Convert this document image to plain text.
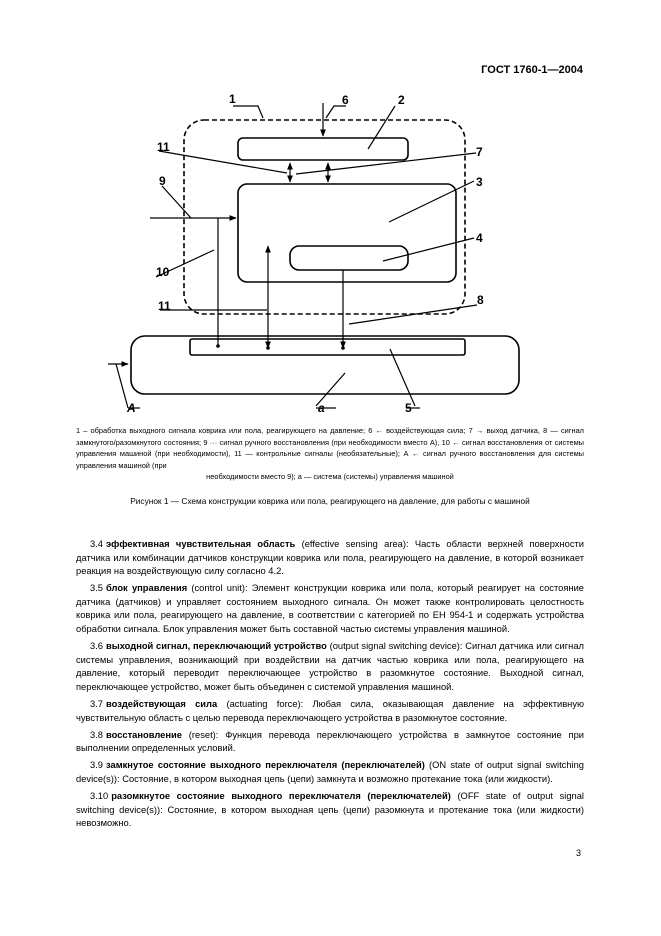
ГОСТ 1760-1—2004
1	2
3
4
5
6
7
8
9
10
11
11
А	а

1 – обработка выходного сигнала коврика или пола, реагирующего на давление; 6 ← воздействующая сила; 7 → выход датчика, 8 — сигнал замкнутого/разомкнутого состояния; 9 ··· сигнал ручного восстановления (при необходимости вместо А), 10 ← сигнал восстановления от системы управления машиной (при необходимости), 11 — контрольные сигналы (необязательные); А ← сигнал ручного восстановления для системы управления машиной (при

необходимости вместо 9); а — система (системы) управления машиной

Рисунок 1 — Схема конструкции коврика или пола, реагирующего на давление, для работы с машиной

3.4 эффективная чувствительная область (effective sensing area): Часть области верхней поверхности датчика или комбинации датчиков конструкции коврика или пола, реагирующего на давление, в которой возникает реакция на воздействующую силу согласно 4.2.

3.5 блок управления (control unit): Элемент конструкции коврика или пола, который реагирует на состояние датчика (датчиков) и управляет состоянием выходного сигнала. Он может также контролировать целостность коврика или пола, реагирующего на давление, в соответствии с категорией по ЕН 954-1 и содержать устройства обработки сигнала. Блок управления может быть составной частью системы управления машиной.

3.6 выходной сигнал, переключающий устройство (output signal switching device): Сигнал датчика или сигнал системы управления, возникающий при воздействии на датчик частью коврика или пола, реагирующего на давление, который переводит переключающее устройство в разомкнутое состояние. Выходной сигнал, переключающее устройство, может быть объединен с системой управления машиной.

3.7 воздействующая сила (actuating force): Любая сила, оказывающая давление на эффективную чувствительную область с целью перевода переключающего устройства в разомкнутое состояние.

3.8 восстановление (reset): Функция перевода переключающего устройства в замкнутое состояние при выполнении определенных условий.

3.9 замкнутое состояние выходного переключателя (переключателей) (ON state of output signal switching device(s)): Состояние, в котором выходная цепь (цепи) замкнута и возможно протекание тока (или жидкости).

3.10 разомкнутое состояние выходного переключателя (переключателей) (OFF state of output signal switching device(s)): Состояние, в котором выходная цепь (цепи) разомкнута и протекание тока (или жидкости) невозможно.

3
